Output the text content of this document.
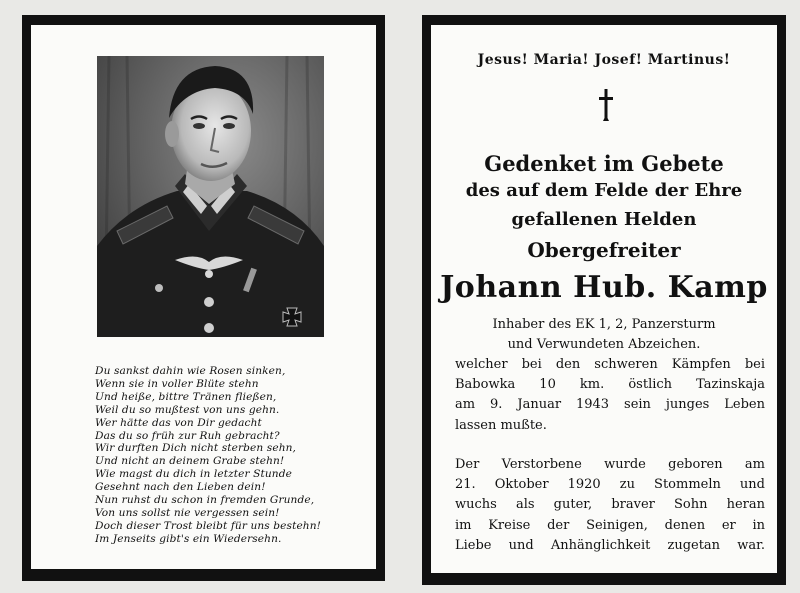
Du sankst dahin wie Rosen sinken,
Wenn sie in voller Blüte stehn
Und heiße, bittre Tränen fließen,
Weil du so mußtest von uns gehn.
Wer hätte das von Dir gedacht
Das du so früh zur Ruh gebracht?
Wir durften Dich nicht sterben sehn,
Und nicht an deinem Grabe stehn!
Wie magst du dich in letzter Stunde
Gesehnt nach den Lieben dein!
Nun ruhst du schon in fremden Grunde,
Von uns sollst nie vergessen sein!
Doch dieser Trost bleibt für uns bestehn!
Im Jenseits gibt's ein Wiedersehn.
Jesus! Maria! Josef! Martinus!
Gedenket im Gebete
des auf dem Felde der Ehre
gefallenen Helden
Obergefreiter
Johann Hub. Kamp
Inhaber des EK 1, 2, Panzersturm
und Verwundeten Abzeichen.
welcher bei den schweren Kämpfen bei
Babowka 10 km. östlich Tazinskaja
am 9. Januar 1943 sein junges Leben
lassen mußte.
Der Verstorbene wurde geboren am
21. Oktober 1920 zu Stommeln und
wuchs als guter, braver Sohn heran
im Kreise der Seinigen, denen er in
Liebe und Anhänglichkeit zugetan war.
